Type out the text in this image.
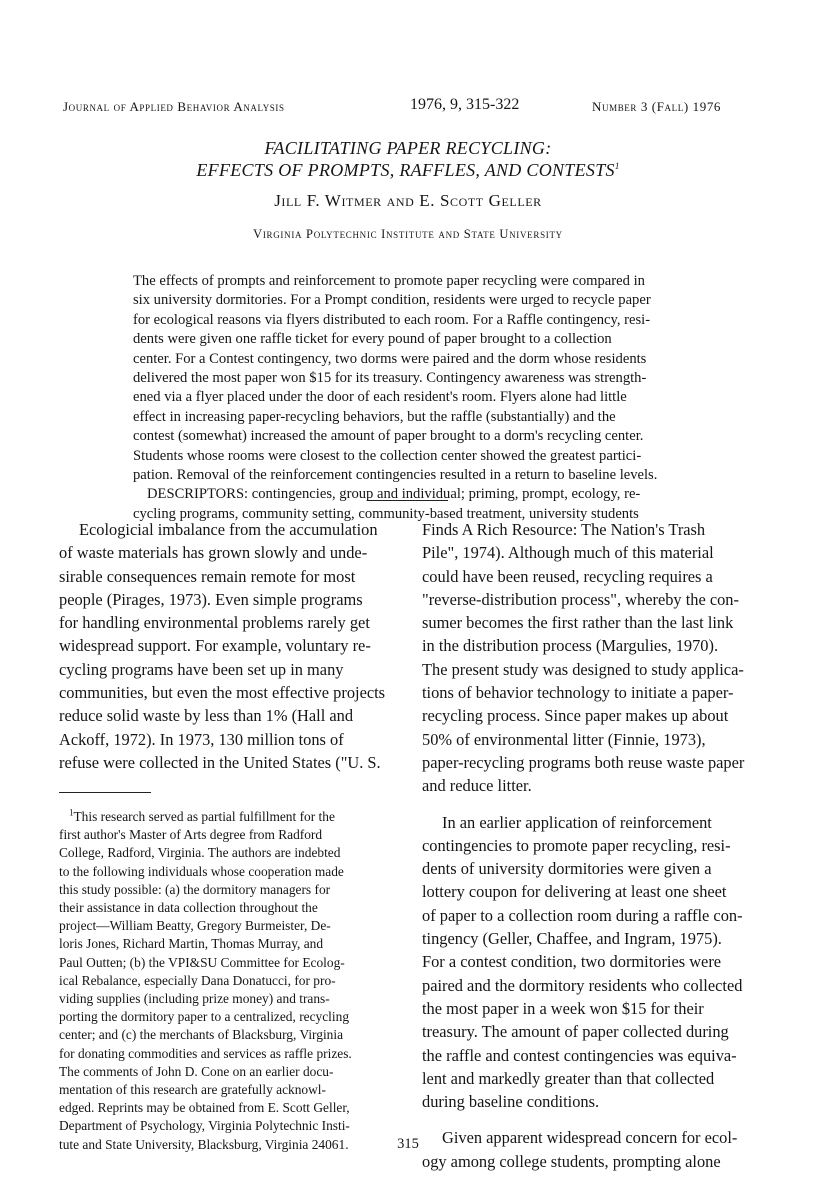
Journal of Applied Behavior Analysis	1976, 9, 315-322	Number 3 (Fall) 1976
FACILITATING PAPER RECYCLING:
EFFECTS OF PROMPTS, RAFFLES, AND CONTESTS$^1$
Jill F. Witmer and E. Scott Geller
Virginia Polytechnic Institute and State University
The effects of prompts and reinforcement to promote paper recycling were compared in
six university dormitories. For a Prompt condition, residents were urged to recycle paper
for ecological reasons via flyers distributed to each room. For a Raffle contingency, resi-
dents were given one raffle ticket for every pound of paper brought to a collection
center. For a Contest contingency, two dorms were paired and the dorm whose residents
delivered the most paper won $15 for its treasury. Contingency awareness was strength-
ened via a flyer placed under the door of each resident's room. Flyers alone had little
effect in increasing paper-recycling behaviors, but the raffle (substantially) and the
contest (somewhat) increased the amount of paper brought to a dorm's recycling center.
Students whose rooms were closest to the collection center showed the greatest partici-
pation. Removal of the reinforcement contingencies resulted in a return to baseline levels.
DESCRIPTORS: contingencies, group and individual; priming, prompt, ecology, re-
cycling programs, community setting, community-based treatment, university students
Ecologicial imbalance from the accumulation
of waste materials has grown slowly and unde-
sirable consequences remain remote for most
people (Pirages, 1973). Even simple programs
for handling environmental problems rarely get
widespread support. For example, voluntary re-
cycling programs have been set up in many
communities, but even the most effective projects
reduce solid waste by less than 1% (Hall and
Ackoff, 1972). In 1973, 130 million tons of
refuse were collected in the United States ("U. S.
$^1$This research served as partial fulfillment for the
first author's Master of Arts degree from Radford
College, Radford, Virginia. The authors are indebted
to the following individuals whose cooperation made
this study possible: (a) the dormitory managers for
their assistance in data collection throughout the
project—William Beatty, Gregory Burmeister, De-
loris Jones, Richard Martin, Thomas Murray, and
Paul Outten; (b) the VPI&SU Committee for Ecolog-
ical Rebalance, especially Dana Donatucci, for pro-
viding supplies (including prize money) and trans-
porting the dormitory paper to a centralized, recycling
center; and (c) the merchants of Blacksburg, Virginia
for donating commodities and services as raffle prizes.
The comments of John D. Cone on an earlier docu-
mentation of this research are gratefully acknowl-
edged. Reprints may be obtained from E. Scott Geller,
Department of Psychology, Virginia Polytechnic Insti-
tute and State University, Blacksburg, Virginia 24061.
Finds A Rich Resource: The Nation's Trash
Pile", 1974). Although much of this material
could have been reused, recycling requires a
"reverse-distribution process", whereby the con-
sumer becomes the first rather than the last link
in the distribution process (Margulies, 1970).
The present study was designed to study applica-
tions of behavior technology to initiate a paper-
recycling process. Since paper makes up about
50% of environmental litter (Finnie, 1973),
paper-recycling programs both reuse waste paper
and reduce litter.
In an earlier application of reinforcement
contingencies to promote paper recycling, resi-
dents of university dormitories were given a
lottery coupon for delivering at least one sheet
of paper to a collection room during a raffle con-
tingency (Geller, Chaffee, and Ingram, 1975).
For a contest condition, two dormitories were
paired and the dormitory residents who collected
the most paper in a week won $15 for their
treasury. The amount of paper collected during
the raffle and contest contingencies was equiva-
lent and markedly greater than that collected
during baseline conditions.
Given apparent widespread concern for ecol-
ogy among college students, prompting alone
315
